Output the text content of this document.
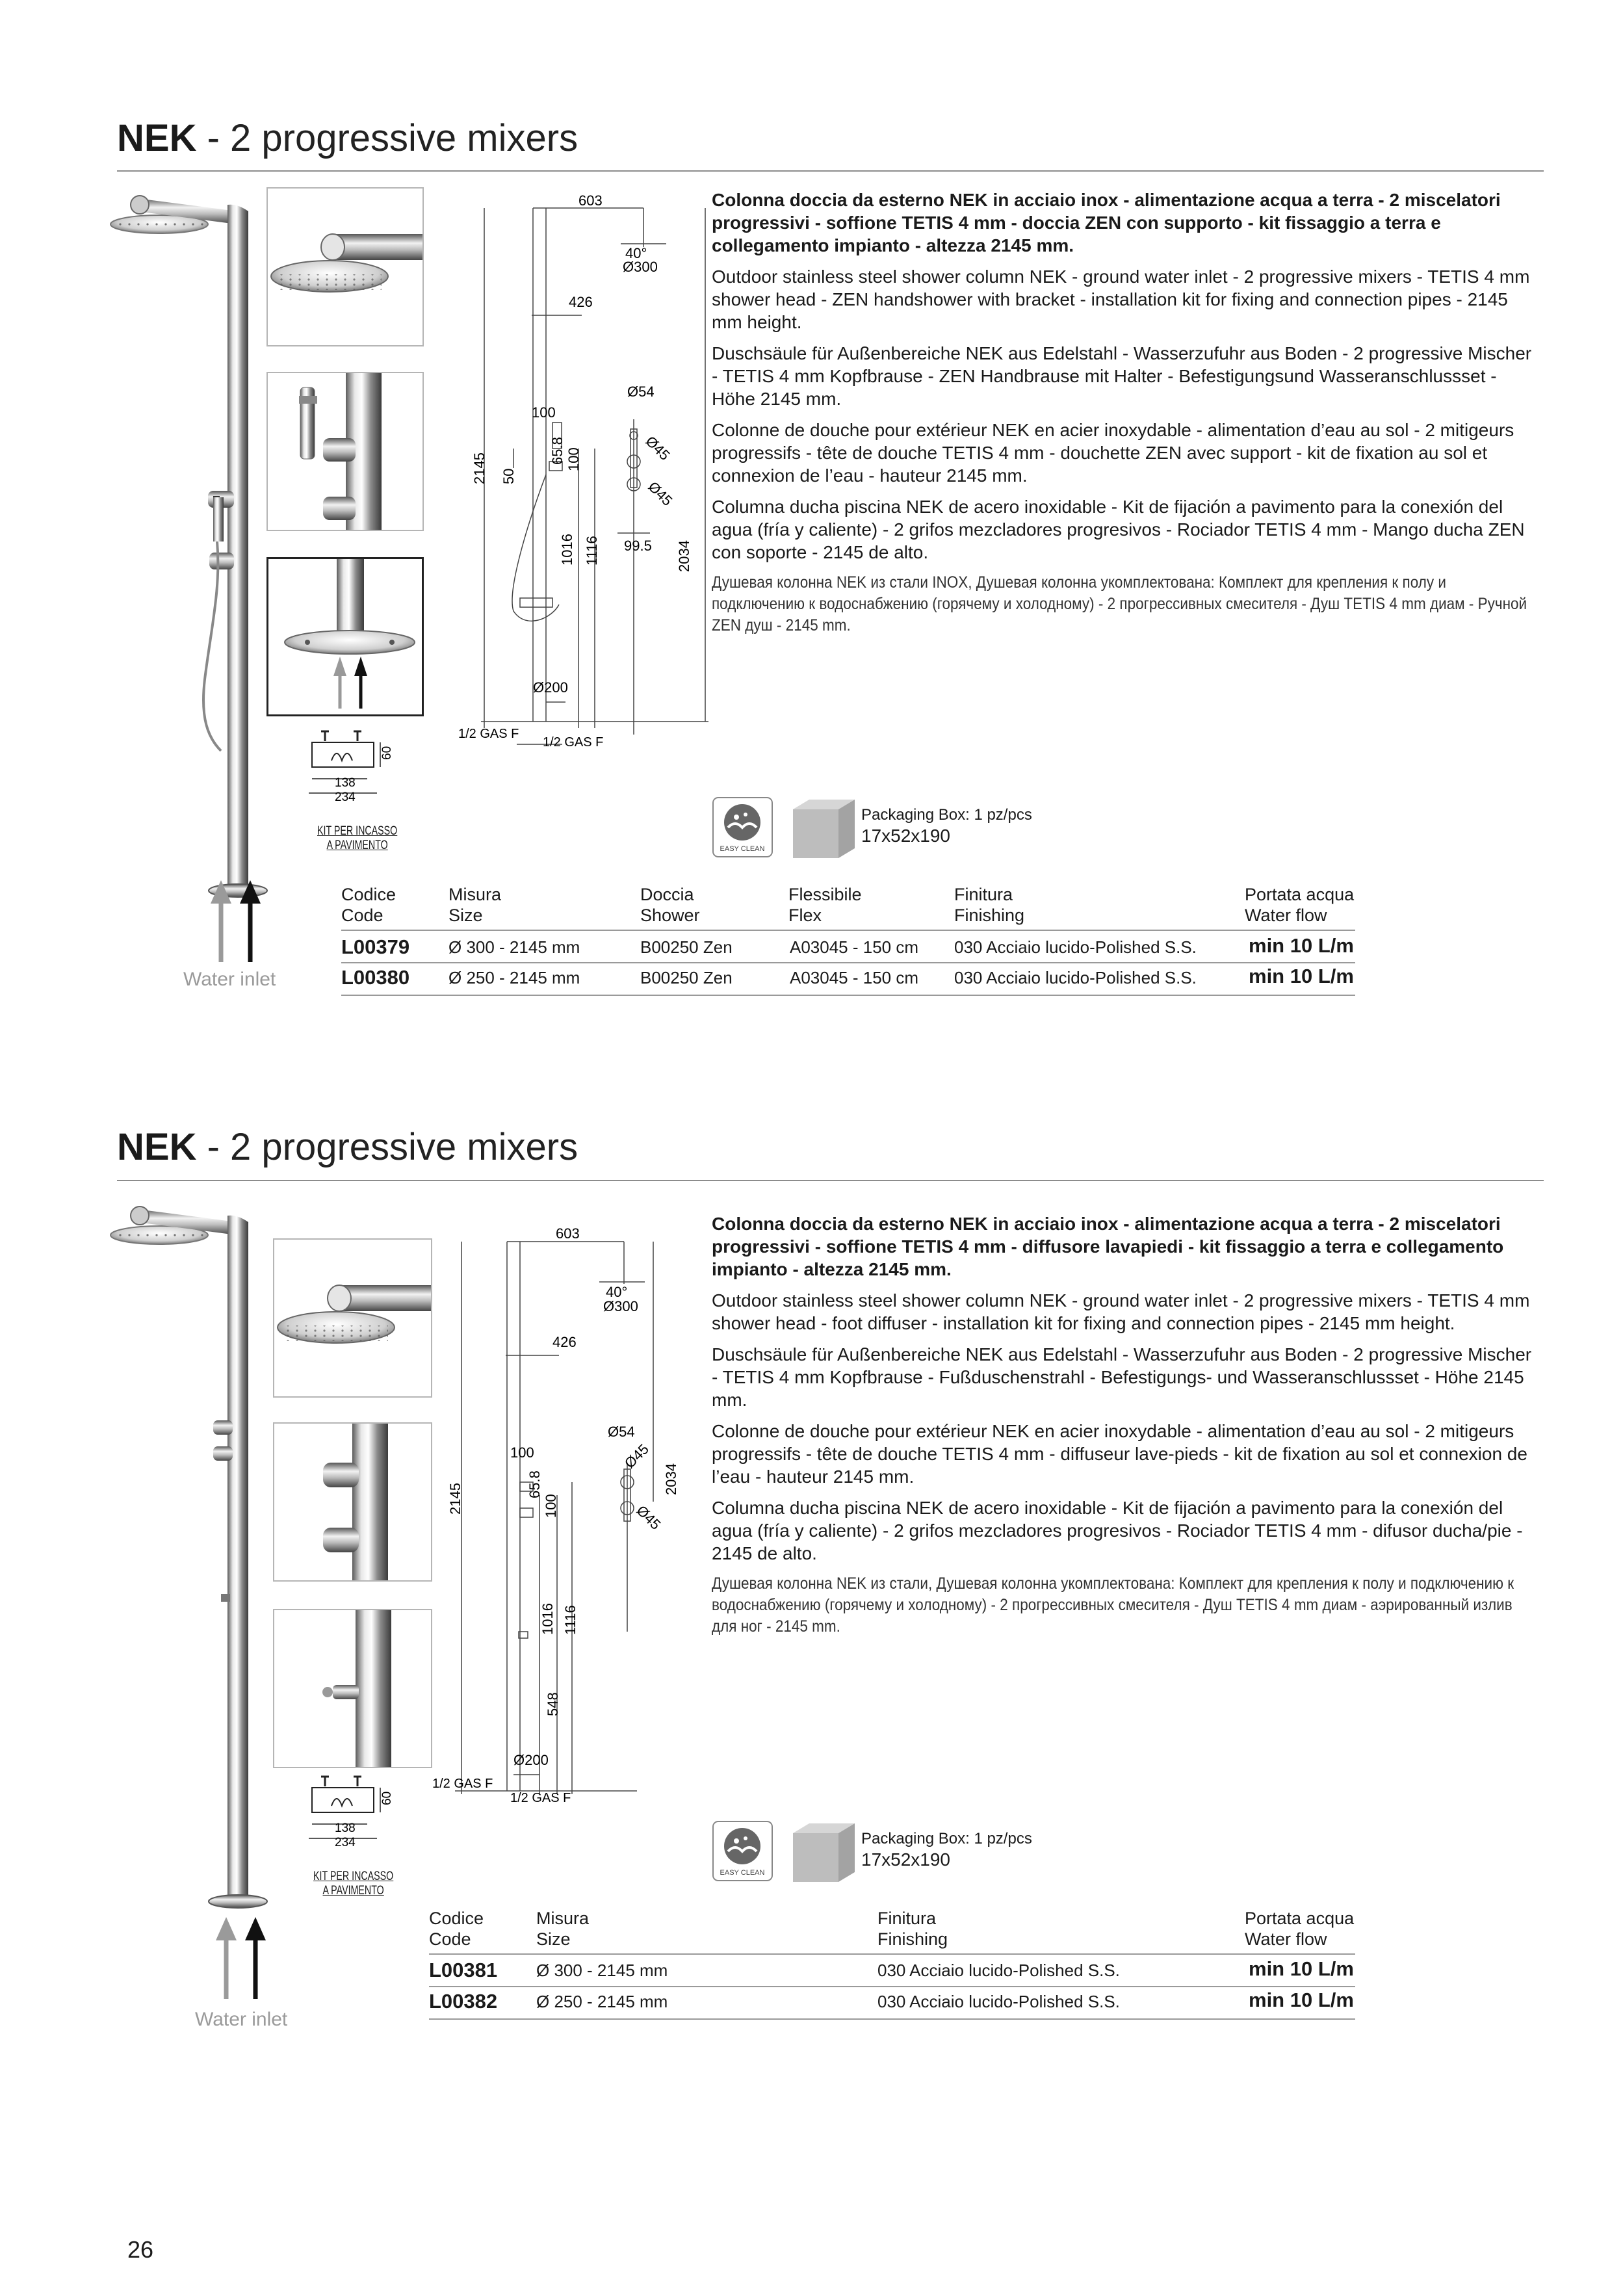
NEK - 2 progressive mixers
60
138
234
KIT PER INCASSO
A PAVIMENTO
Water inlet
603
40°
Ø300
426
Ø54
100
2145 50
65.8 100	Ø45
Ø45
1016 1116 99.5 2034
Ø200
1/2 GAS F
1/2 GAS F

Colonna doccia da esterno NEK in acciaio inox - alimentazione acqua a terra - 2 miscelatori progressivi - soffione TETIS 4 mm - doccia ZEN con supporto - kit fissaggio a terra e collegamento impianto - altezza 2145 mm.

Outdoor stainless steel shower column NEK - ground water inlet - 2 progressive mixers - TETIS 4 mm shower head - ZEN handshower with bracket - installation kit for fixing and connection pipes - 2145 mm height.

Duschsäule für Außenbereiche NEK aus Edelstahl - Wasserzufuhr aus Boden - 2 progressive Mischer - TETIS 4 mm Kopfbrause - ZEN Handbrause mit Halter - Befestigungsund Wasseranschlussset - Höhe 2145 mm.

Colonne de douche pour extérieur NEK en acier inoxydable - alimentation d’eau au sol - 2 mitigeurs progressifs - tête de douche TETIS 4 mm - douchette ZEN avec support - kit de fixation au sol et connexion de l’eau - hauteur 2145 mm.

Columna ducha piscina NEK de acero inoxidable - Kit de fijación a pavimento para la conexión del agua (fría y caliente) - 2 grifos mezcladores progresivos - Rociador TETIS 4 mm - Mango ducha ZEN con soporte - 2145 de alto.

Душевая колонна NEK из стали INOX, Душевая колонна укомплектована: Комплект для крепления к полу и подключению к водоснабжению (горячему и холодному) - 2 прогрессивных смесителя - Душ TETIS 4 mm диам - Ручной ZEN душ - 2145 mm.

EASY CLEAN
Packaging Box: 1 pz/pcs
17x52x190
Codice
Code
Misura
Size
Doccia
Shower
Flessibile
Flex
Finitura
Finishing
Portata acqua
Water flow
L00379 Ø 300 - 2145 mm	B00250 Zen	A03045 - 150 cm 030 Acciaio lucido-Polished S.S.	min 10 L/m
L00380 Ø 250 - 2145 mm	B00250 Zen	A03045 - 150 cm 030 Acciaio lucido-Polished S.S.	min 10 L/m
NEK - 2 progressive mixers
60
138
234
KIT PER INCASSO
A PAVIMENTO
Water inlet
603
40°
Ø300
426
Ø54
100
2145	65.8
100
Ø45
Ø45
2034
1016 1116
548
Ø200
1/2 GAS F
1/2 GAS F

Colonna doccia da esterno NEK in acciaio inox - alimentazione acqua a terra - 2 miscelatori progressivi - soffione TETIS 4 mm - diffusore lavapiedi - kit fissaggio a terra e collegamento impianto - altezza 2145 mm.

Outdoor stainless steel shower column NEK - ground water inlet - 2 progressive mixers - TETIS 4 mm shower head - foot diffuser - installation kit for fixing and connection pipes - 2145 mm height.

Duschsäule für Außenbereiche NEK aus Edelstahl - Wasserzufuhr aus Boden - 2 progressive Mischer - TETIS 4 mm Kopfbrause - Fußduschenstrahl - Befestigungs- und Wasseranschlussset - Höhe 2145 mm.

Colonne de douche pour extérieur NEK en acier inoxydable - alimentation d’eau au sol - 2 mitigeurs progressifs - tête de douche TETIS 4 mm - diffuseur lave-pieds - kit de fixation au sol et connexion de l’eau - hauteur 2145 mm.

Columna ducha piscina NEK de acero inoxidable - Kit de fijación a pavimento para la conexión del agua (fría y caliente) - 2 grifos mezcladores progresivos - Rociador TETIS 4 mm - difusor ducha/pie - 2145 de alto.

Душевая колонна NEK из стали, Душевая колонна укомплектована: Комплект для крепления к полу и подключению к водоснабжению (горячему и холодному) - 2 прогрессивных смесителя - Душ TETIS 4 mm диам - аэрированный излив для ног - 2145 mm.

EASY CLEAN
Packaging Box: 1 pz/pcs
17x52x190
Codice
Code
Misura
Size
Finitura
Finishing
Portata acqua
Water flow
L00381 Ø 300 - 2145 mm	030 Acciaio lucido-Polished S.S.	min 10 L/m
L00382 Ø 250 - 2145 mm	030 Acciaio lucido-Polished S.S.	min 10 L/m
26
